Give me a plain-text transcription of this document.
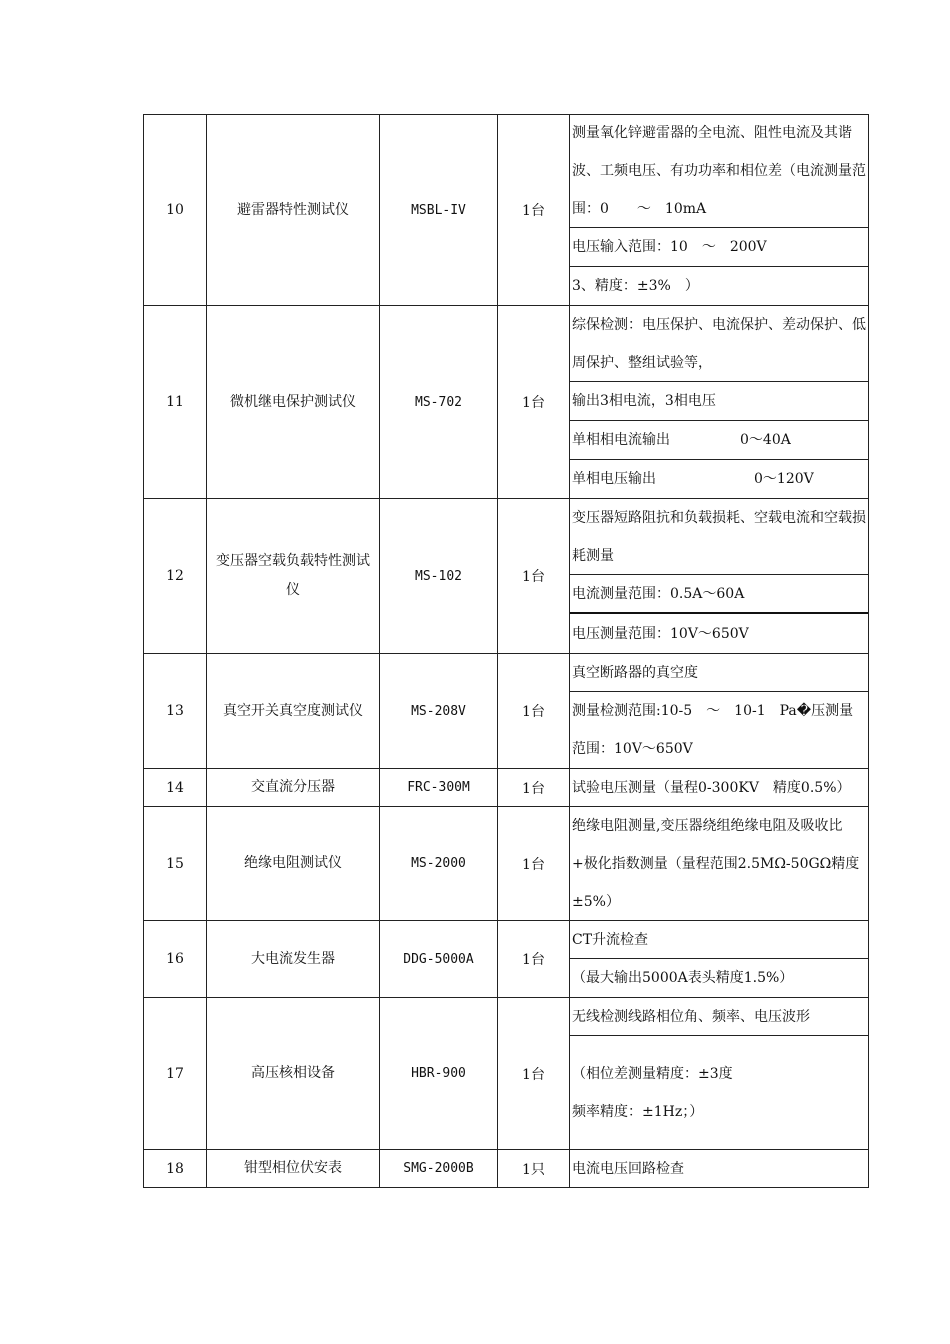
10	避雷器特性测试仪	MSBL-IV	1台	测量氧化锌避雷器的全电流、阻性电流及其谐波、工频电压、有功功率和相位差（电流测量范围：0　　～　10mA
电压输入范围：10　～　200V
3、精度：±3%　）

11	微机继电保护测试仪	MS-702	1台	综保检测：电压保护、电流保护、差动保护、低周保护、整组试验等，
输出3相电流，3相电压
单相相电流输出　　　　　0～40A
单相电压输出　　　　　　　0～120V

12	变压器空载负载特性测试仪	MS-102	1台	变压器短路阻抗和负载损耗、空载电流和空载损耗测量
电流测量范围：0.5A～60A
电压测量范围：10V～650V

13	真空开关真空度测试仪	MS-208V	1台	真空断路器的真空度
测量检测范围:10-5　～　10-1　Pa�压测量范围：10V～650V

14	交直流分压器	FRC-300M	1台	试验电压测量（量程0-300KV　精度0.5%）

15	绝缘电阻测试仪	MS-2000	1台	绝缘电阻测量,变压器绕组绝缘电阻及吸收比+极化指数测量（量程范围2.5MΩ-50GΩ精度±5%）

16	大电流发生器	DDG-5000A	1台	CT升流检查
（最大输出5000A表头精度1.5%）

17	高压核相设备	HBR-900	1台	无线检测线路相位角、频率、电压波形
（相位差测量精度：±3度　　　　　　　　　　　频率精度：±1Hz；）

18	钳型相位伏安表	SMG-2000B	1只	电流电压回路检查
